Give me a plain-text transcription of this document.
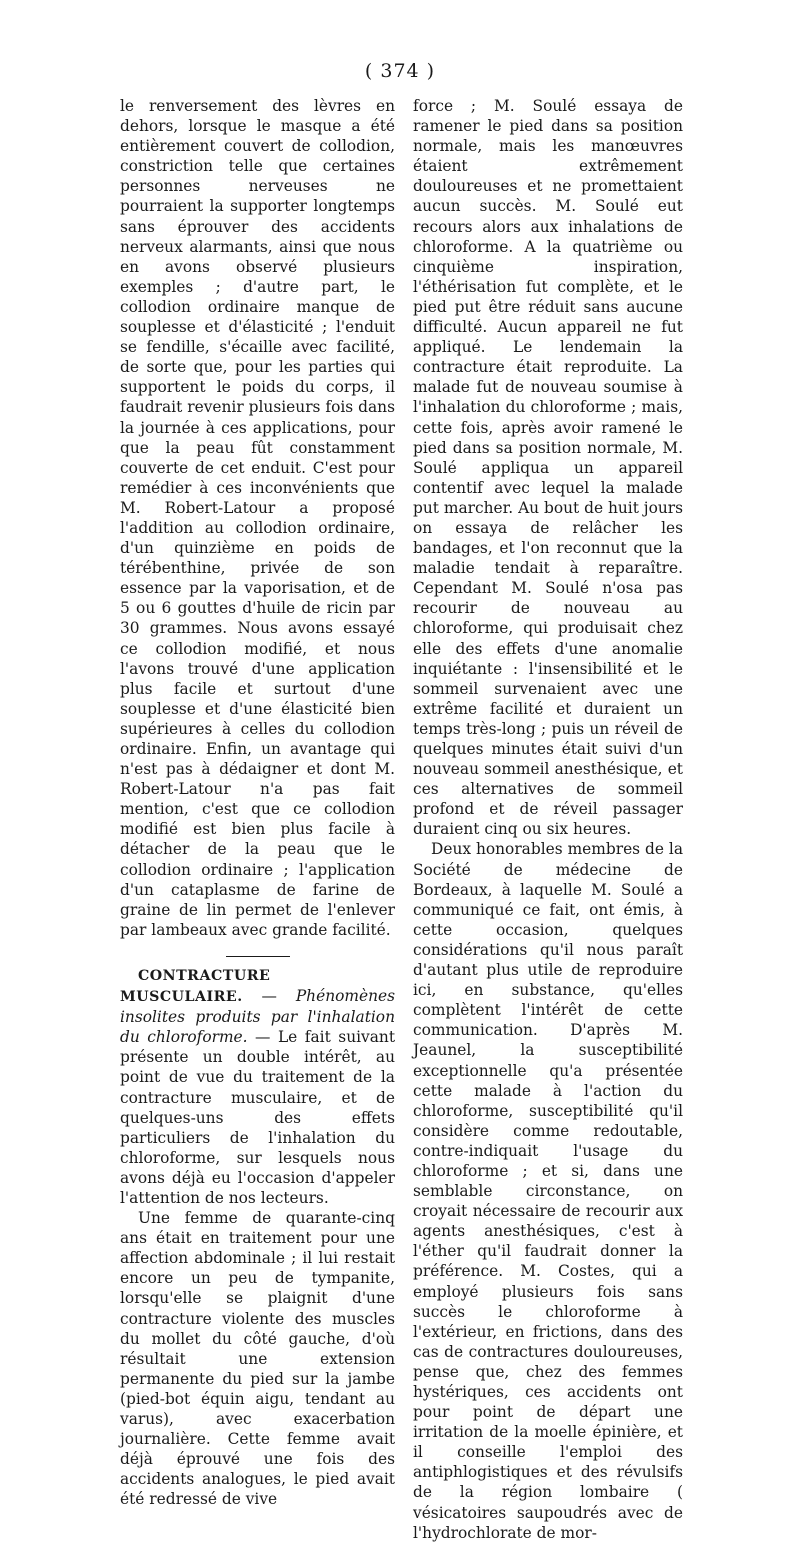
( 374 )

le renversement des lèvres en dehors, lorsque le masque a été entièrement couvert de collodion, constriction telle que certaines personnes nerveuses ne pourraient la supporter longtemps sans éprouver des accidents nerveux alarmants, ainsi que nous en avons observé plusieurs exemples ; d'autre part, le collodion ordinaire manque de souplesse et d'élasticité ; l'enduit se fendille, s'écaille avec facilité, de sorte que, pour les parties qui supportent le poids du corps, il faudrait revenir plusieurs fois dans la journée à ces applications, pour que la peau fût constamment couverte de cet enduit. C'est pour remédier à ces inconvénients que M. Robert-Latour a proposé l'addition au collodion ordinaire, d'un quinzième en poids de térébenthine, privée de son essence par la vaporisation, et de 5 ou 6 gouttes d'huile de ricin par 30 grammes. Nous avons essayé ce collodion modifié, et nous l'avons trouvé d'une application plus facile et surtout d'une souplesse et d'une élasticité bien supérieures à celles du collodion ordinaire. Enfin, un avantage qui n'est pas à dédaigner et dont M. Robert-Latour n'a pas fait mention, c'est que ce collodion modifié est bien plus facile à détacher de la peau que le collodion ordinaire ; l'application d'un cataplasme de farine de graine de lin permet de l'enlever par lambeaux avec grande facilité.

CONTRACTURE MUSCULAIRE. — Phénomènes insolites produits par l'inhalation du chloroforme. — Le fait suivant présente un double intérêt, au point de vue du traitement de la contracture musculaire, et de quelques-uns des effets particuliers de l'inhalation du chloroforme, sur lesquels nous avons déjà eu l'occasion d'appeler l'attention de nos lecteurs.

Une femme de quarante-cinq ans était en traitement pour une affection abdominale ; il lui restait encore un peu de tympanite, lorsqu'elle se plaignit d'une contracture violente des muscles du mollet du côté gauche, d'où résultait une extension permanente du pied sur la jambe (pied-bot équin aigu, tendant au varus), avec exacerbation journalière. Cette femme avait déjà éprouvé une fois des accidents analogues, le pied avait été redressé de vive

force ; M. Soulé essaya de ramener le pied dans sa position normale, mais les manœuvres étaient extrêmement douloureuses et ne promettaient aucun succès. M. Soulé eut recours alors aux inhalations de chloroforme. A la quatrième ou cinquième inspiration, l'éthérisation fut complète, et le pied put être réduit sans aucune difficulté. Aucun appareil ne fut appliqué. Le lendemain la contracture était reproduite. La malade fut de nouveau soumise à l'inhalation du chloroforme ; mais, cette fois, après avoir ramené le pied dans sa position normale, M. Soulé appliqua un appareil contentif avec lequel la malade put marcher. Au bout de huit jours on essaya de relâcher les bandages, et l'on reconnut que la maladie tendait à reparaître. Cependant M. Soulé n'osa pas recourir de nouveau au chloroforme, qui produisait chez elle des effets d'une anomalie inquiétante : l'insensibilité et le sommeil survenaient avec une extrême facilité et duraient un temps très-long ; puis un réveil de quelques minutes était suivi d'un nouveau sommeil anesthésique, et ces alternatives de sommeil profond et de réveil passager duraient cinq ou six heures.

Deux honorables membres de la Société de médecine de Bordeaux, à laquelle M. Soulé a communiqué ce fait, ont émis, à cette occasion, quelques considérations qu'il nous paraît d'autant plus utile de reproduire ici, en substance, qu'elles complètent l'intérêt de cette communication. D'après M. Jeaunel, la susceptibilité exceptionnelle qu'a présentée cette malade à l'action du chloroforme, susceptibilité qu'il considère comme redoutable, contre-indiquait l'usage du chloroforme ; et si, dans une semblable circonstance, on croyait nécessaire de recourir aux agents anesthésiques, c'est à l'éther qu'il faudrait donner la préférence. M. Costes, qui a employé plusieurs fois sans succès le chloroforme à l'extérieur, en frictions, dans des cas de contractures douloureuses, pense que, chez des femmes hystériques, ces accidents ont pour point de départ une irritation de la moelle épinière, et il conseille l'emploi des antiphlogistiques et des révulsifs de la région lombaire ( vésicatoires saupoudrés avec de l'hydrochlorate de mor-
